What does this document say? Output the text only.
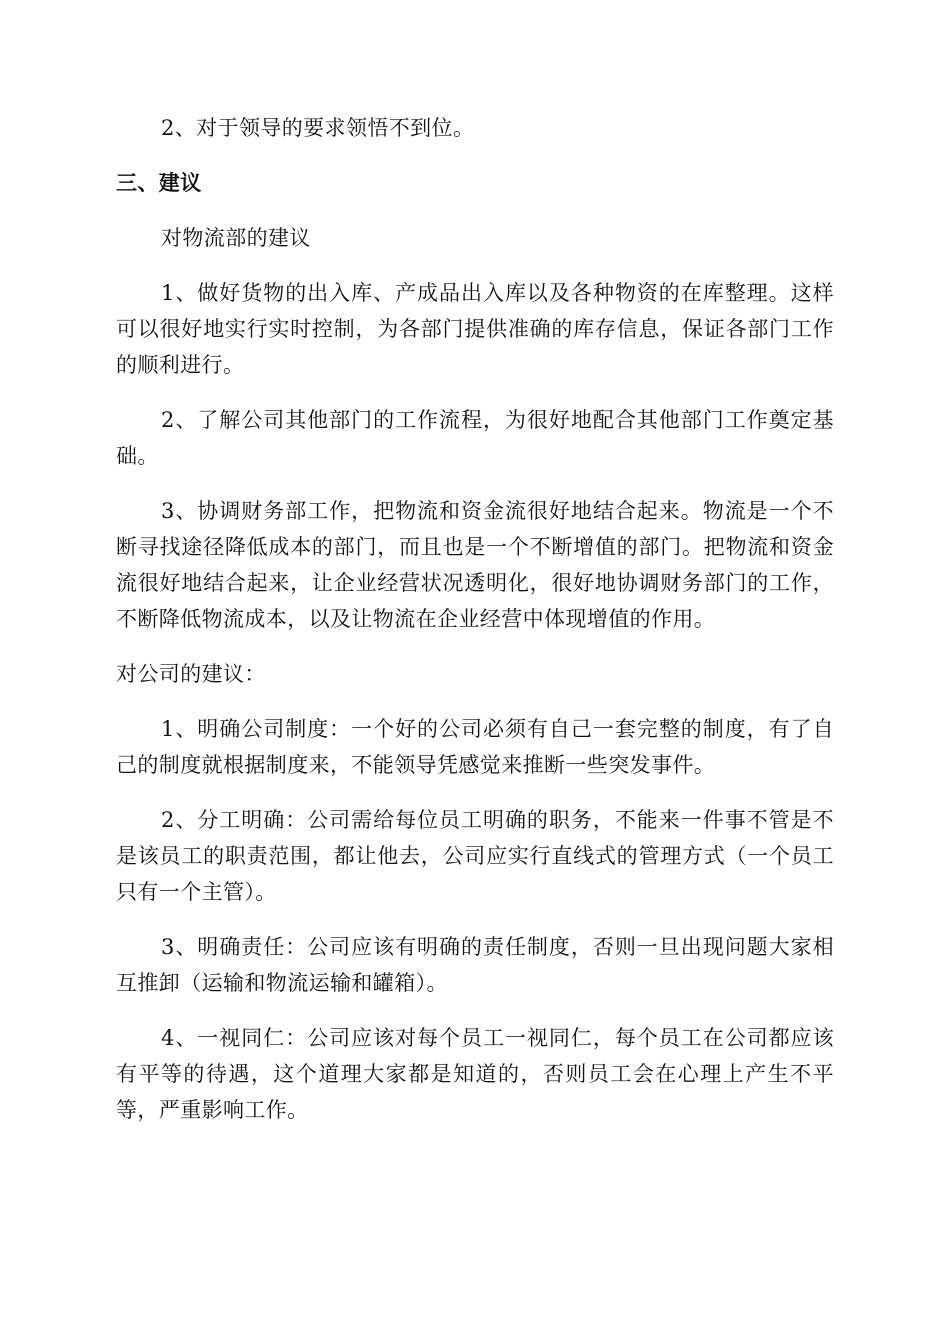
2、对于领导的要求领悟不到位。

三、建议

对物流部的建议

1、做好货物的出入库、产成品出入库以及各种物资的在库整理。这样可以很好地实行实时控制，为各部门提供准确的库存信息，保证各部门工作的顺利进行。

2、了解公司其他部门的工作流程，为很好地配合其他部门工作奠定基础。

3、协调财务部工作，把物流和资金流很好地结合起来。物流是一个不断寻找途径降低成本的部门，而且也是一个不断增值的部门。把物流和资金流很好地结合起来，让企业经营状况透明化，很好地协调财务部门的工作，不断降低物流成本，以及让物流在企业经营中体现增值的作用。

对公司的建议：

1、明确公司制度：一个好的公司必须有自己一套完整的制度，有了自己的制度就根据制度来，不能领导凭感觉来推断一些突发事件。

2、分工明确：公司需给每位员工明确的职务，不能来一件事不管是不是该员工的职责范围，都让他去，公司应实行直线式的管理方式（一个员工只有一个主管）。

3、明确责任：公司应该有明确的责任制度，否则一旦出现问题大家相互推卸（运输和物流运输和罐箱）。

4、一视同仁：公司应该对每个员工一视同仁，每个员工在公司都应该有平等的待遇，这个道理大家都是知道的，否则员工会在心理上产生不平等，严重影响工作。
